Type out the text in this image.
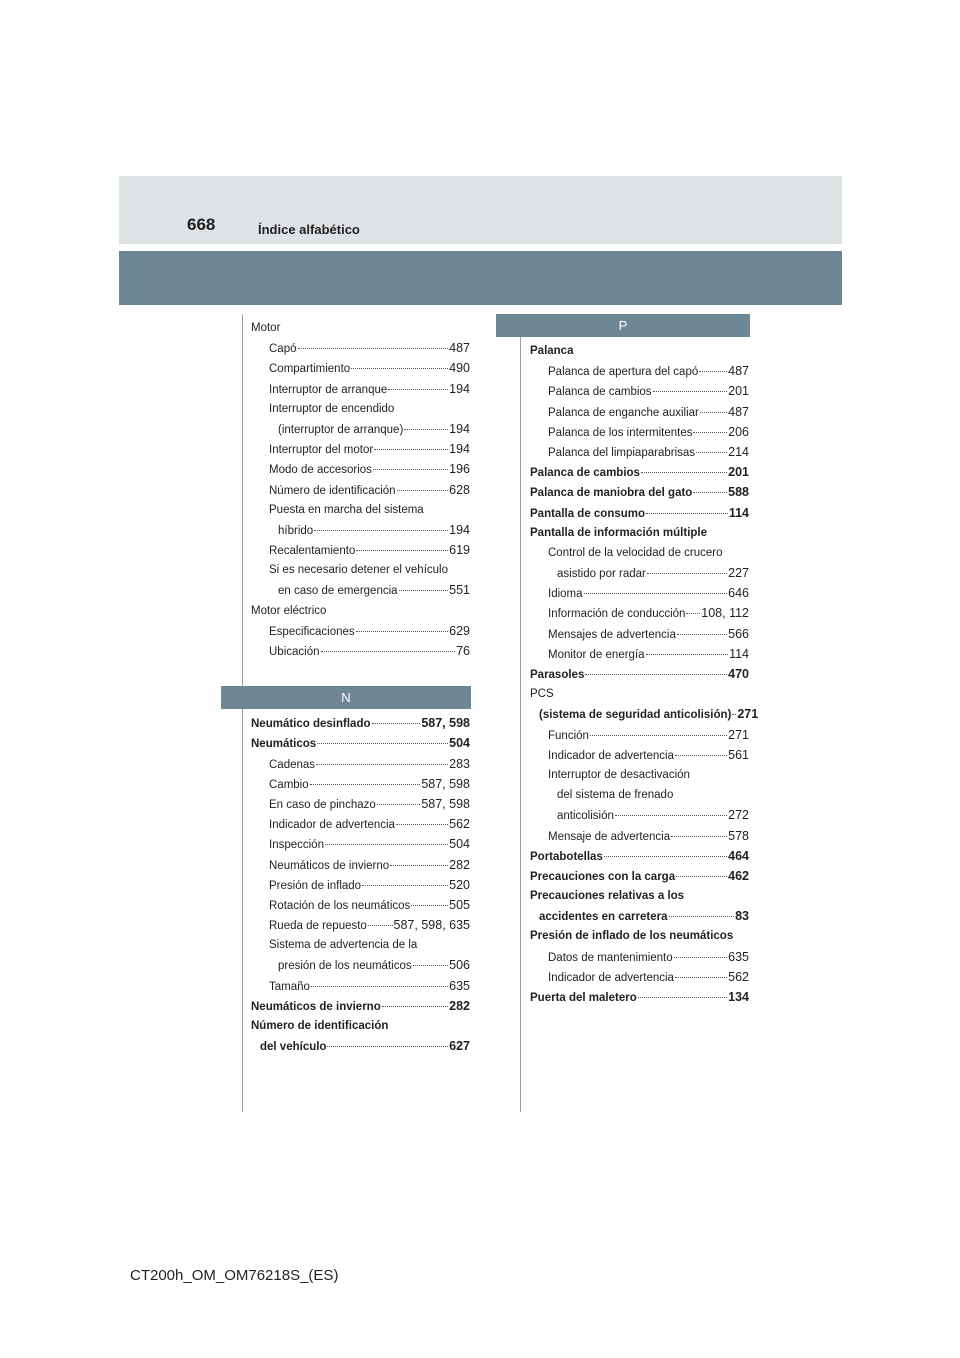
668	Índice alfabético
Motor
Capó	487
Compartimiento	490
Interruptor de arranque	194
Interruptor de encendido
(interruptor de arranque)	194
Interruptor del motor	194
Modo de accesorios	196
Número de identificación	628
Puesta en marcha del sistema
híbrido	194
Recalentamiento	619
Si es necesario detener el vehículo
en caso de emergencia	551
Motor eléctrico
Especificaciones	629
Ubicación	76
N
Neumático desinflado	587, 598
Neumáticos	504
Cadenas	283
Cambio	587, 598
En caso de pinchazo	587, 598
Indicador de advertencia	562
Inspección	504
Neumáticos de invierno	282
Presión de inflado	520
Rotación de los neumáticos	505
Rueda de repuesto 587, 598, 635
Sistema de advertencia de la
presión de los neumáticos	506
Tamaño	635
Neumáticos de invierno	282
Número de identificación
del vehículo	627
P
Palanca
Palanca de apertura del capó 487
Palanca de cambios	201
Palanca de enganche auxiliar 487
Palanca de los intermitentes	206
Palanca del limpiaparabrisas	214
Palanca de cambios	201
Palanca de maniobra del gato	588
Pantalla de consumo	114
Pantalla de información múltiple
Control de la velocidad de crucero
asistido por radar	227
Idioma	646
Información de conducción 108, 112
Mensajes de advertencia	566
Monitor de energía	114
Parasoles	470
PCS
(sistema de seguridad anticolisión) 271
Función	271
Indicador de advertencia	561
Interruptor de desactivación
del sistema de frenado
anticolisión	272
Mensaje de advertencia	578
Portabotellas	464
Precauciones con la carga	462
Precauciones relativas a los
accidentes en carretera	83
Presión de inflado de los neumáticos
Datos de mantenimiento	635
Indicador de advertencia	562
Puerta del maletero	134
CT200h_OM_OM76218S_(ES)
